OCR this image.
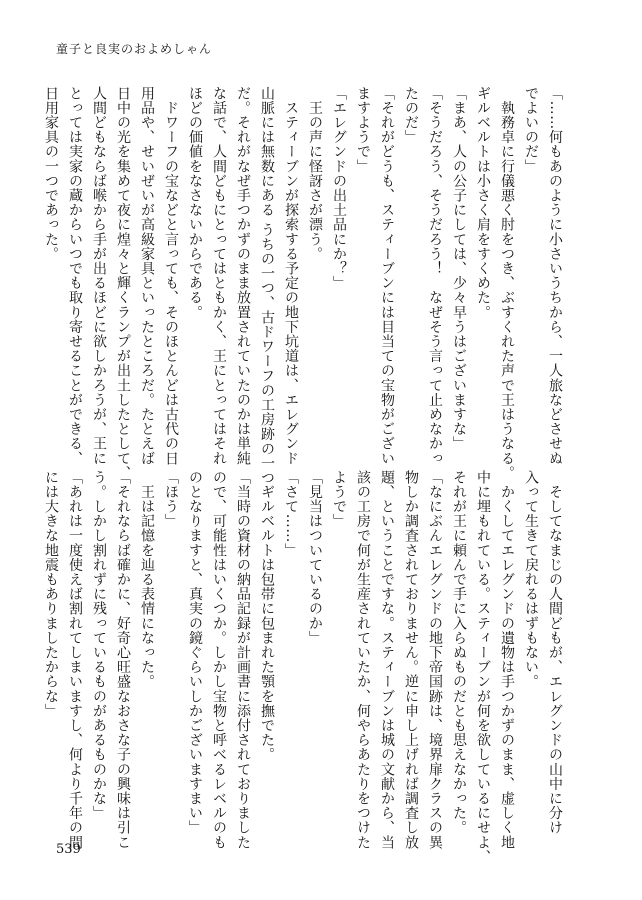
童子と良実のおよめしゃん
「……何もあのように小さいうちから、一人旅などさせぬ
でよいのだ」
　執務卓に行儀悪く肘をつき、ぶすくれた声で王はうなる。
ギルベルトは小さく肩をすくめた。
「まあ、人の公子にしては、少々早うはございますな」
「そうだろう、そうだろう！　なぜそう言って止めなかっ
たのだ」
「それがどうも、スティーブンには目当ての宝物がござい
ますようで」
「エレグンドの出土品にか？」
　王の声に怪訝さが漂う。
　スティーブンが探索する予定の地下坑道は、エレグンド
山脈には無数にある うちの一つ、古ドワーフの工房跡の一つ
だ。それがなぜ手つかずのまま放置されていたのかは単純
な話で、人間どもにとってはともかく、王にとってはそれ
ほどの価値をなさないからである。
　ドワーフの宝などと言っても、そのほとんどは古代の日
用品や、せいぜいが高級家具といったところだ。たとえば
日中の光を集めて夜に煌々と輝くランプが出土したとして、
人間どもならば喉から手が出るほどに欲しかろうが、王に
とっては実家の蔵からいつでも取り寄せることができる、
日用家具の一つであった。
　そしてなまじの人間どもが、エレグンドの山中に分け
入って生きて戻れるはずもない。
　かくしてエレグンドの遺物は手つかずのまま、虚しく地
中に埋もれている。スティーブンが何を欲しているにせよ、
それが王に頼んで手に入らぬものだとも思えなかった。
「なにぶんエレグンドの地下帝国跡は、境界扉クラスの異
物しか調査されておりません。逆に申し上げれば調査し放
題、ということですな。スティーブンは城の文献から、当
該の工房で何が生産されていたか、何やらあたりをつけた
ようで」
「見当はついているのか」
「さて……」
　ギルベルトは包帯に包まれた顎を撫でた。
「当時の資材の納品記録が計画書に添付されておりました
ので、可能性はいくつか。しかし宝物と呼べるレベルのも
のとなりますと、真実の鏡ぐらいしかございますまい」
「ほう」
　王は記憶を辿る表情になった。
「それならば確かに、好奇心旺盛なおさな子の興味は引こ
う。しかし割れずに残っているものがあるものかな」
「あれは一度使えば割れてしまいますし、何より千年の間
には大きな地震もありましたからな」
539
